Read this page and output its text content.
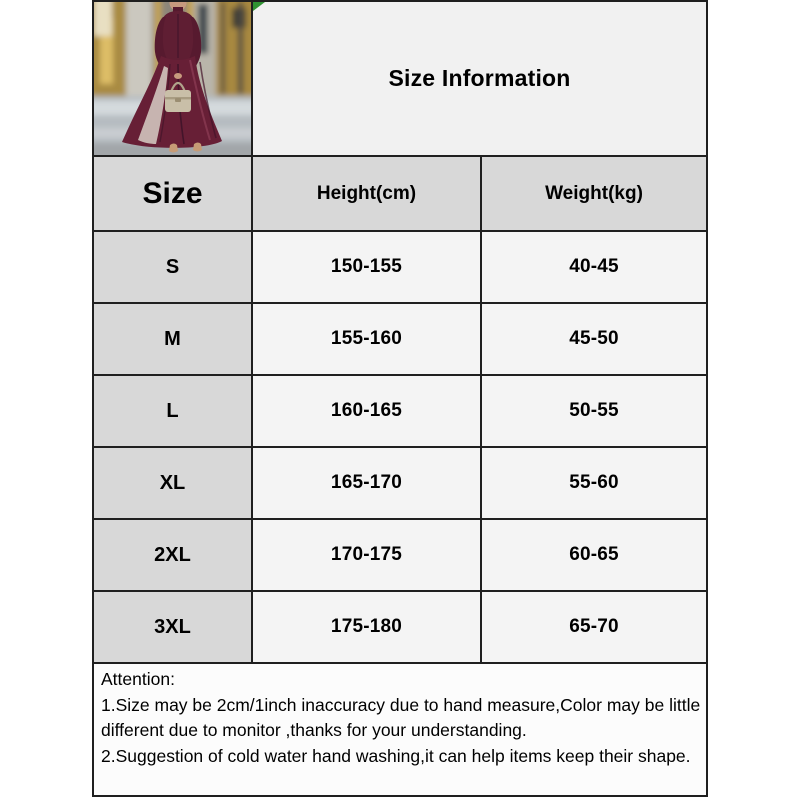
Size Information
Size	Height(cm)	Weight(kg)
S	150-155	40-45
M	155-160	45-50
L	160-165	50-55
XL	165-170	55-60
2XL	170-175	60-65
3XL	175-180	65-70
Attention:
1.Size may be 2cm/1inch inaccuracy due to hand measure,Color may be little
different due to monitor ,thanks for your understanding.
2.Suggestion of cold water hand washing,it can help items keep their shape.
